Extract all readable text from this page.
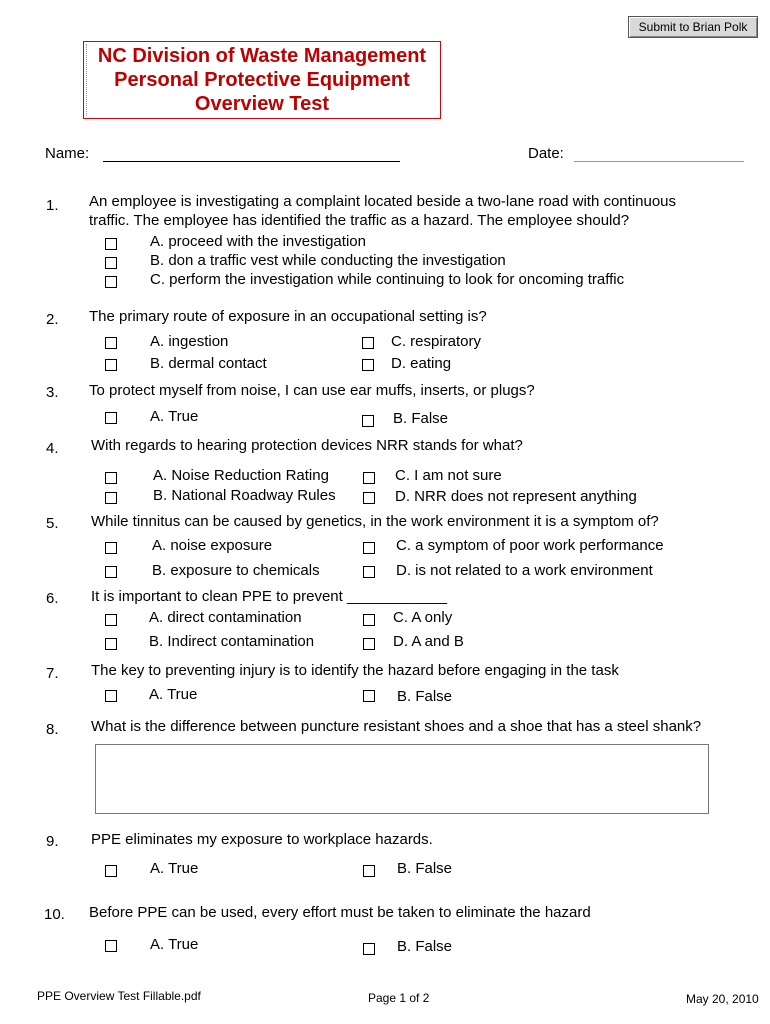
Submit to Brian Polk
NC Division of Waste Management
Personal Protective Equipment
Overview Test
Name:	Date:
1. An employee is investigating a complaint located beside a two-lane road with continuous
traffic. The employee has identified the traffic as a hazard. The employee should?
A. proceed with the investigation
B. don a traffic vest while conducting the investigation
C. perform the investigation while continuing to look for oncoming traffic
2. The primary route of exposure in an occupational setting is?
A. ingestion
B. dermal contact
C. respiratory
D. eating
3. To protect myself from noise, I can use ear muffs, inserts, or plugs?
A. True	B. False
4. With regards to hearing protection devices NRR stands for what?
A. Noise Reduction Rating
B. National Roadway Rules
C. I am not sure
D. NRR does not represent anything
5. While tinnitus can be caused by genetics, in the work environment it is a symptom of?
A. noise exposure
B. exposure to chemicals
C. a symptom of poor work performance
D. is not related to a work environment
6. It is important to clean PPE to prevent ____________
A. direct contamination
B. Indirect contamination
C. A only
D. A and B
7. The key to preventing injury is to identify the hazard before engaging in the task
A. True	B. False
8. What is the difference between puncture resistant shoes and a shoe that has a steel shank?
9. PPE eliminates my exposure to workplace hazards.
A. True	B. False
10. Before PPE can be used, every effort must be taken to eliminate the hazard
A. True	B. False
PPE Overview Test Fillable.pdf	Page 1 of 2	May 20, 2010
